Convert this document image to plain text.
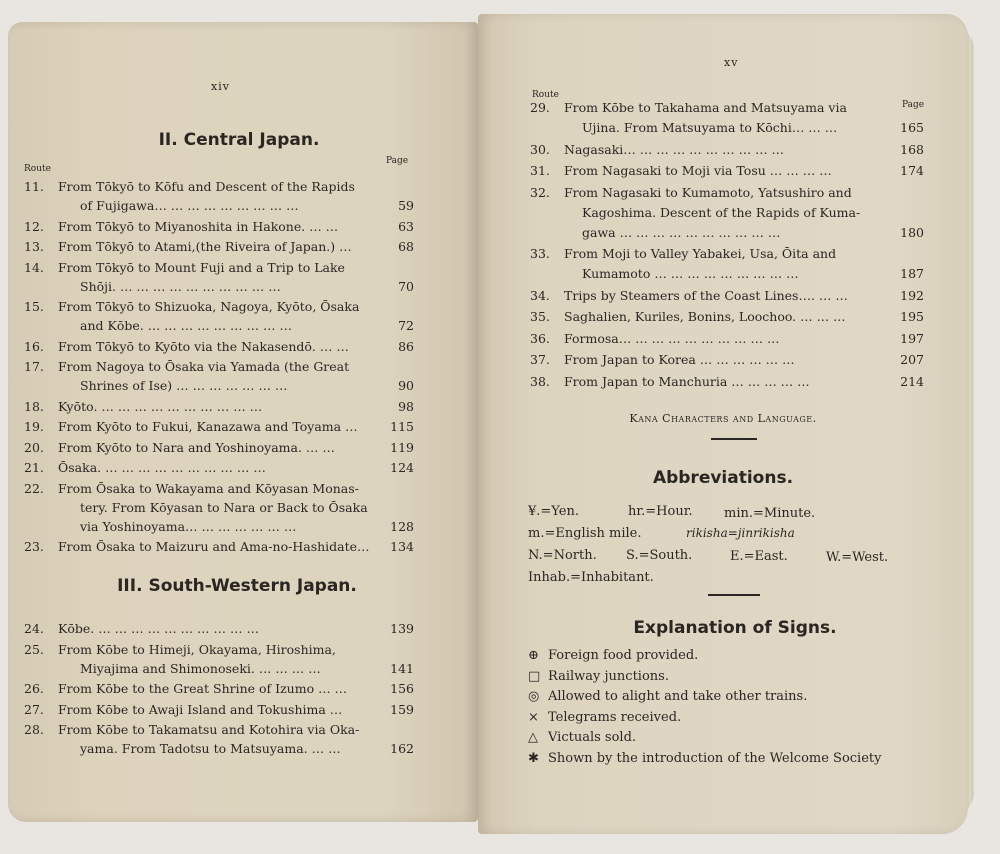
xiv
II. Central Japan.
Route
Page
11.	From Tōkyō to Kōfu and Descent of the Rapids
of Fujigawa… … … … … … … … …	59
12.	From Tōkyō to Miyanoshita in Hakone. … …	63
13.	From Tōkyō to Atami,(the Riveira of Japan.) …	68
14.	From Tōkyō to Mount Fuji and a Trip to Lake
Shōji. … … … … … … … … … …	70
15.	From Tōkyō to Shizuoka, Nagoya, Kyōto, Ōsaka
and Kōbe. … … … … … … … … …	72
16.	From Tōkyō to Kyōto via the Nakasendō. … …	86
17.	From Nagoya to Ōsaka via Yamada (the Great
Shrines of Ise) … … … … … … …	90
18.	Kyōto. … … … … … … … … … …	98
19.	From Kyōto to Fukui, Kanazawa and Toyama …	115
20.	From Kyōto to Nara and Yoshinoyama. … …	119
21.	Ōsaka. … … … … … … … … … …	124
22.	From Ōsaka to Wakayama and Kōyasan Monas-
tery. From Kōyasan to Nara or Back to Ōsaka
via Yoshinoyama… … … … … … …	128
23.	From Ōsaka to Maizuru and Ama-no-Hashidate…	134
III. South-Western Japan.
24.	Kōbe. … … … … … … … … … …	139
25.	From Kōbe to Himeji, Okayama, Hiroshima,
Miyajima and Shimonoseki. … … … …	141
26.	From Kōbe to the Great Shrine of Izumo … …	156
27.	From Kōbe to Awaji Island and Tokushima …	159
28.	From Kōbe to Takamatsu and Kotohira via Oka-
yama. From Tadotsu to Matsuyama. … …	162
xv
Route
Page
29.	From Kōbe to Takahama and Matsuyama via
Ujina. From Matsuyama to Kōchi… … …	165
30.	Nagasaki… … … … … … … … … …	168
31.	From Nagasaki to Moji via Tosu … … … …	174
32.	From Nagasaki to Kumamoto, Yatsushiro and
Kagoshima. Descent of the Rapids of Kuma-
gawa … … … … … … … … … …	180
33.	From Moji to Valley Yabakei, Usa, Ōita and
Kumamoto … … … … … … … … …	187
34.	Trips by Steamers of the Coast Lines…. … …	192
35.	Saghalien, Kuriles, Bonins, Loochoo. … … …	195
36.	Formosa… … … … … … … … … …	197
37.	From Japan to Korea … … … … … …	207
38.	From Japan to Manchuria … … … … …	214
Kana Characters and Language.
Abbreviations.
¥.=Yen.	hr.=Hour. min.=Minute.
m.=English mile.	rikisha=jinrikisha
N.=North. S.=South.	E.=East.	W.=West.
Inhab.=Inhabitant.
Explanation of Signs.
⊕ Foreign food provided.
□ Railway junctions.
◎ Allowed to alight and take other trains.
× Telegrams received.
△ Victuals sold.
✱ Shown by the introduction of the Welcome Society
